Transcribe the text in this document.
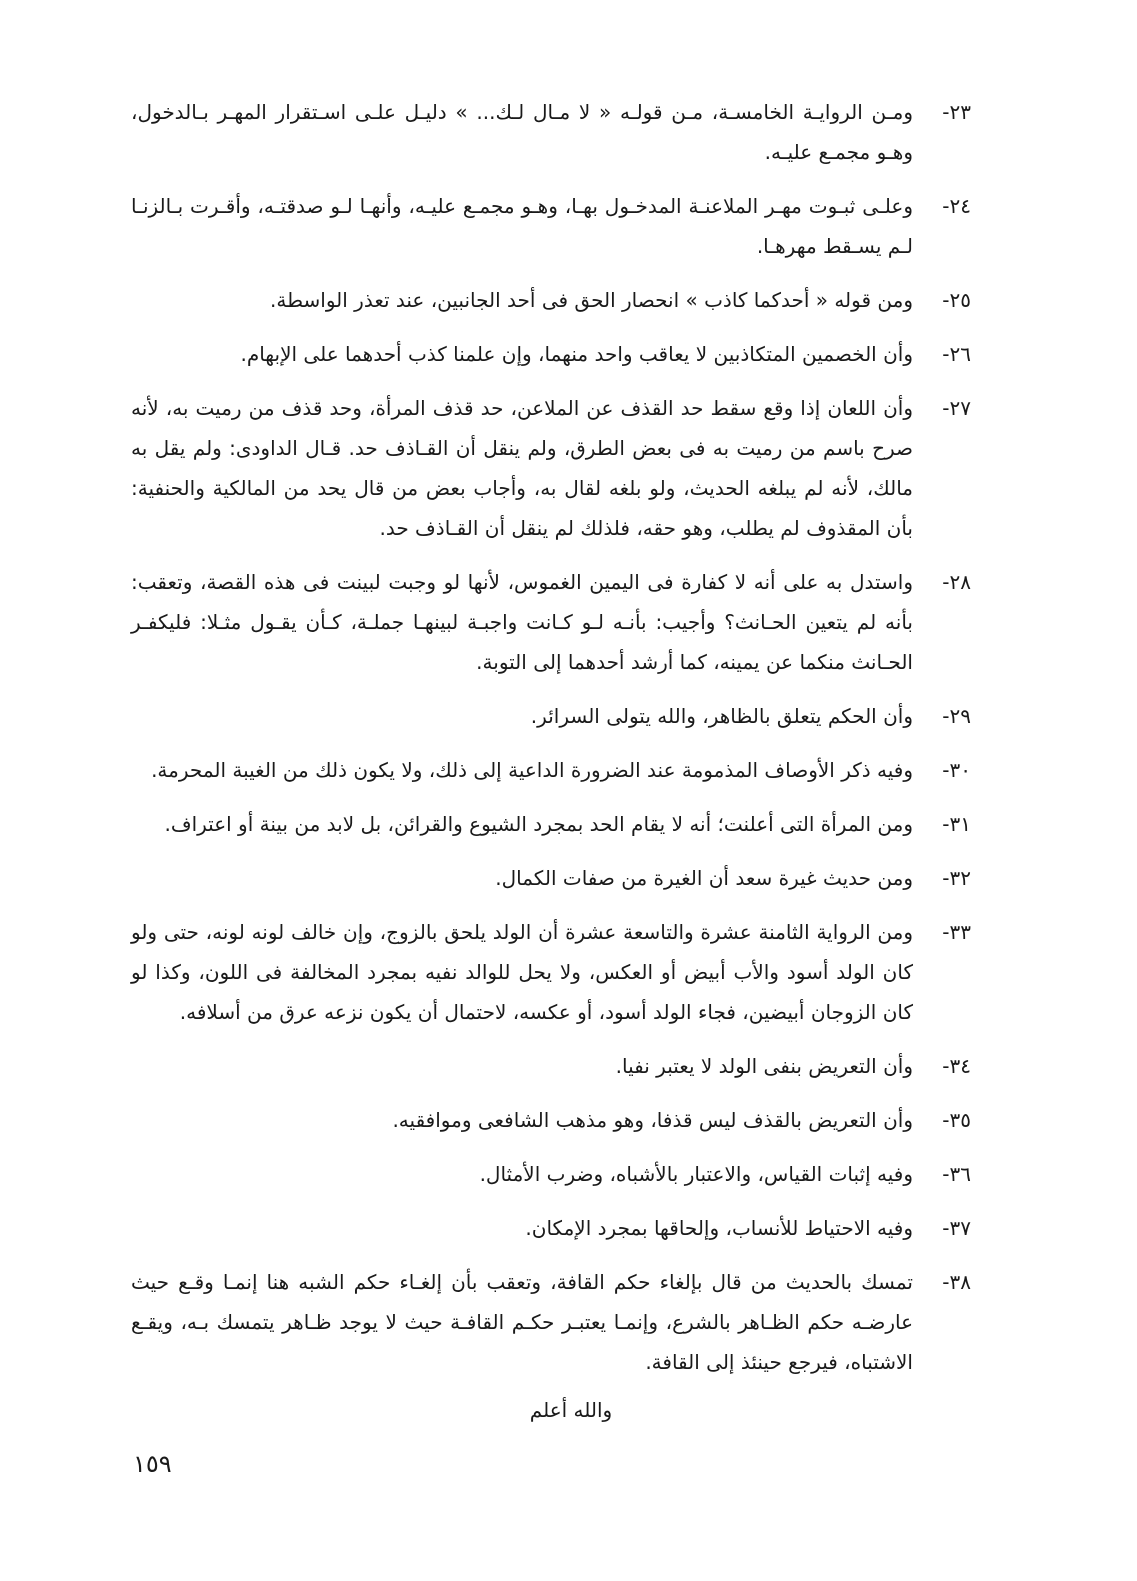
٢٣-
ومـن الروايـة الخامسـة، مـن قولـه « لا مـال لـك... » دليـل علـى اسـتقرار المهـر بـالدخول، وهـو مجمـع عليـه.
٢٤-
وعلـى ثبـوت مهـر الملاعنـة المدخـول بهـا، وهـو مجمـع عليـه، وأنهـا لـو صدقتـه، وأقـرت بـالزنـا لـم يسـقط مهرهـا.
٢٥-
ومن قوله « أحدكما كاذب » انحصار الحق فى أحد الجانبين، عند تعذر الواسطة.
٢٦-
وأن الخصمين المتكاذبين لا يعاقب واحد منهما، وإن علمنا كذب أحدهما على الإبهام.
٢٧-
وأن اللعان إذا وقع سقط حد القذف عن الملاعن، حد قذف المرأة، وحد قذف من رميت به، لأنه صرح باسم من رميت به فى بعض الطرق، ولم ينقل أن القـاذف حد. قـال الداودى: ولم يقل به مالك، لأنه لم يبلغه الحديث، ولو بلغه لقال به، وأجاب بعض من قال يحد من المالكية والحنفية: بأن المقذوف لم يطلب، وهو حقه، فلذلك لم ينقل أن القـاذف حد.
٢٨-
واستدل به على أنه لا كفارة فى اليمين الغموس، لأنها لو وجبت لبينت فى هذه القصة، وتعقب: بأنه لم يتعين الحـانث؟ وأجيب: بأنـه لـو كـانت واجبـة لبينهـا جملـة، كـأن يقـول مثـلا: فليكفـر الحـانث منكما عن يمينه، كما أرشد أحدهما إلى التوبة.
٢٩-
وأن الحكم يتعلق بالظاهر، والله يتولى السرائر.
٣٠-
وفيه ذكر الأوصاف المذمومة عند الضرورة الداعية إلى ذلك، ولا يكون ذلك من الغيبة المحرمة.
٣١-
ومن المرأة التى أعلنت؛ أنه لا يقام الحد بمجرد الشيوع والقرائن، بل لابد من بينة أو اعتراف.
٣٢-
ومن حديث غيرة سعد أن الغيرة من صفات الكمال.
٣٣-
ومن الرواية الثامنة عشرة والتاسعة عشرة أن الولد يلحق بالزوج، وإن خالف لونه لونه، حتى ولو كان الولد أسود والأب أبيض أو العكس، ولا يحل للوالد نفيه بمجرد المخالفة فى اللون، وكذا لو كان الزوجان أبيضين، فجاء الولد أسود، أو عكسه، لاحتمال أن يكون نزعه عرق من أسلافه.
٣٤-
وأن التعريض بنفى الولد لا يعتبر نفيا.
٣٥-
وأن التعريض بالقذف ليس قذفا، وهو مذهب الشافعى وموافقيه.
٣٦-
وفيه إثبات القياس، والاعتبار بالأشباه، وضرب الأمثال.
٣٧-
وفيه الاحتياط للأنساب، وإلحاقها بمجرد الإمكان.
٣٨-
تمسك بالحديث من قال بإلغاء حكم القافة، وتعقب بأن إلغـاء حكم الشبه هنا إنمـا وقـع حيث عارضـه حكم الظـاهر بالشرع، وإنمـا يعتبـر حكـم القافـة حيث لا يوجد ظـاهر يتمسك بـه، ويقـع الاشتباه، فيرجع حينئذ إلى القافة.
والله أعلم
١٥٩
